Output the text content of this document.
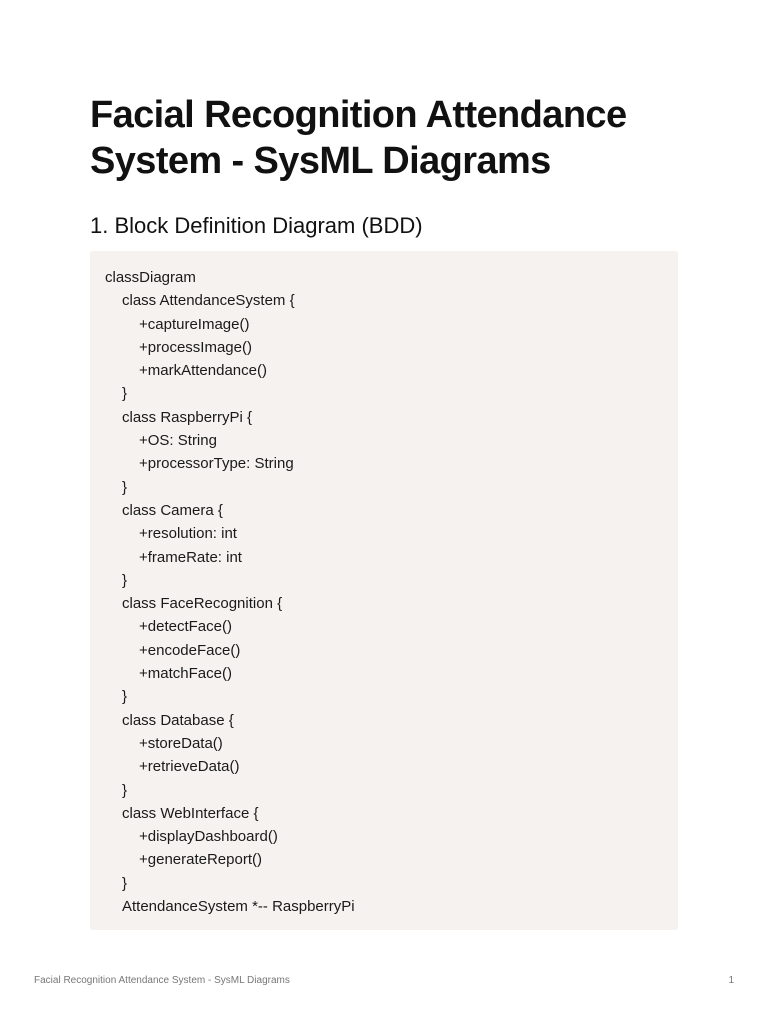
Facial Recognition Attendance System - SysML Diagrams
1. Block Definition Diagram (BDD)
classDiagram
class AttendanceSystem {
+captureImage()
+processImage()
+markAttendance()
}
class RaspberryPi {
+OS: String
+processorType: String
}
class Camera {
+resolution: int
+frameRate: int
}
class FaceRecognition {
+detectFace()
+encodeFace()
+matchFace()
}
class Database {
+storeData()
+retrieveData()
}
class WebInterface {
+displayDashboard()
+generateReport()
}
AttendanceSystem *-- RaspberryPi
Facial Recognition Attendance System - SysML Diagrams	1
